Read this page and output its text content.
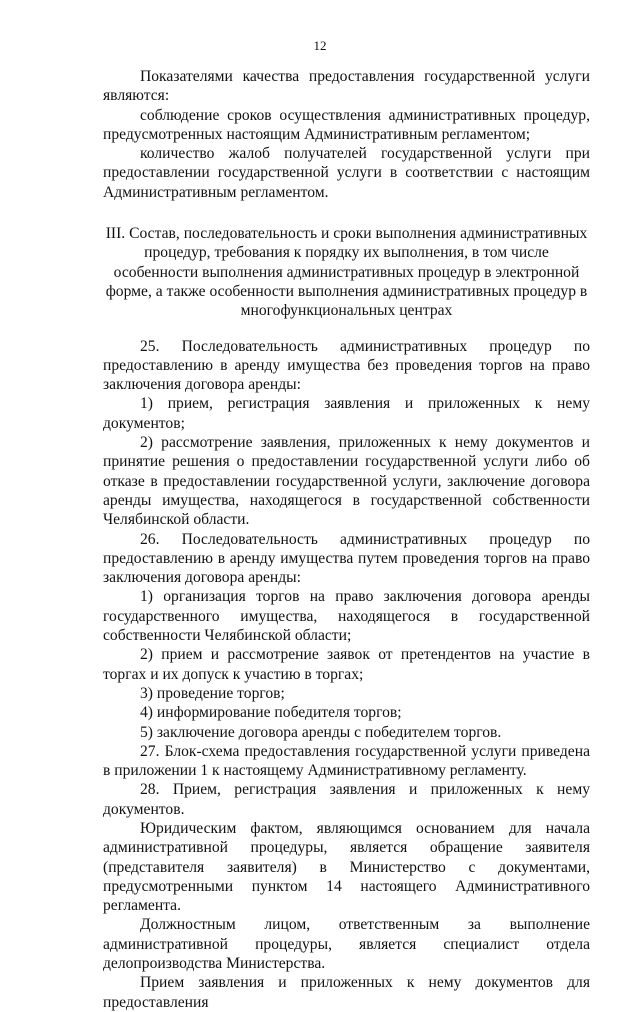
12

Показателями качества предоставления государственной услуги являются:

соблюдение сроков осуществления административных процедур, предусмотренных настоящим Административным регламентом;

количество жалоб получателей государственной услуги при предоставлении государственной услуги в соответствии с настоящим Административным регламентом.

III. Состав, последовательность и сроки выполнения административных процедур, требования к порядку их выполнения, в том числе особенности выполнения административных процедур в электронной форме, а также особенности выполнения административных процедур в многофункциональных центрах

25. Последовательность административных процедур по предоставлению в аренду имущества без проведения торгов на право заключения договора аренды:

1) прием, регистрация заявления и приложенных к нему документов;

2) рассмотрение заявления, приложенных к нему документов и принятие решения о предоставлении государственной услуги либо об отказе в предоставлении государственной услуги, заключение договора аренды имущества, находящегося в государственной собственности Челябинской области.

26. Последовательность административных процедур по предоставлению в аренду имущества путем проведения торгов на право заключения договора аренды:

1) организация торгов на право заключения договора аренды государственного имущества, находящегося в государственной собственности Челябинской области;

2) прием и рассмотрение заявок от претендентов на участие в торгах и их допуск к участию в торгах;

3) проведение торгов;

4) информирование победителя торгов;

5) заключение договора аренды с победителем торгов.

27. Блок-схема предоставления государственной услуги приведена в приложении 1 к настоящему Административному регламенту.

28. Прием, регистрация заявления и приложенных к нему документов.

Юридическим фактом, являющимся основанием для начала административной процедуры, является обращение заявителя (представителя заявителя) в Министерство с документами, предусмотренными пунктом 14 настоящего Административного регламента.

Должностным лицом, ответственным за выполнение административной процедуры, является специалист отдела делопроизводства Министерства.

Прием заявления и приложенных к нему документов для предоставления
